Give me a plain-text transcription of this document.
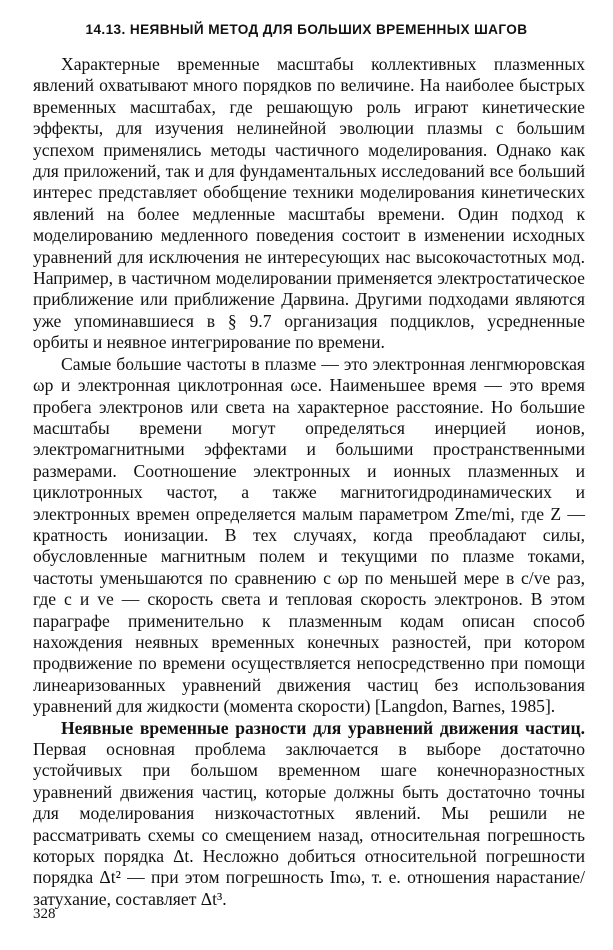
14.13. НЕЯВНЫЙ МЕТОД ДЛЯ БОЛЬШИХ ВРЕМЕННЫХ ШАГОВ

Характерные временные масштабы коллективных плазменных явлений охватывают много порядков по величине. На наиболее быстрых временных масштабах, где решающую роль играют кинетические эффекты, для изучения нелинейной эволюции плазмы с большим успехом применялись методы частичного моделирования. Однако как для приложений, так и для фундаментальных исследований все больший интерес представляет обобщение техники моделирования кинетических явлений на более медленные масштабы времени. Один подход к моделированию медленного поведения состоит в изменении исходных уравнений для исключения не интересующих нас высокочастотных мод. Например, в частичном моделировании применяется электростатическое приближение или приближение Дарвина. Другими подходами являются уже упоминавшиеся в § 9.7 организация подциклов, усредненные орбиты и неявное интегрирование по времени.

Самые большие частоты в плазме — это электронная ленгмюровская ωp и электронная циклотронная ωce. Наименьшее время — это время пробега электронов или света на характерное расстояние. Но большие масштабы времени могут определяться инерцией ионов, электромагнитными эффектами и большими пространственными размерами. Соотношение электронных и ионных плазменных и циклотронных частот, а также магнитогидродинамических и электронных времен определяется малым параметром Zme/mi, где Z — кратность ионизации. В тех случаях, когда преобладают силы, обусловленные магнитным полем и текущими по плазме токами, частоты уменьшаются по сравнению с ωp по меньшей мере в c/ve раз, где c и ve — скорость света и тепловая скорость электронов. В этом параграфе применительно к плазменным кодам описан способ нахождения неявных временных конечных разностей, при котором продвижение по времени осуществляется непосредственно при помощи линеаризованных уравнений движения частиц без использования уравнений для жидкости (момента скорости) [Langdon, Barnes, 1985].

Неявные временные разности для уравнений движения частиц. Первая основная проблема заключается в выборе достаточно устойчивых при большом временном шаге конечноразностных уравнений движения частиц, которые должны быть достаточно точны для моделирования низкочастотных явлений. Мы решили не рассматривать схемы со смещением назад, относительная погрешность которых порядка Δt. Несложно добиться относительной погрешности порядка Δt² — при этом погрешность Imω, т. е. отношения нарастание/затухание, составляет Δt³.

328
